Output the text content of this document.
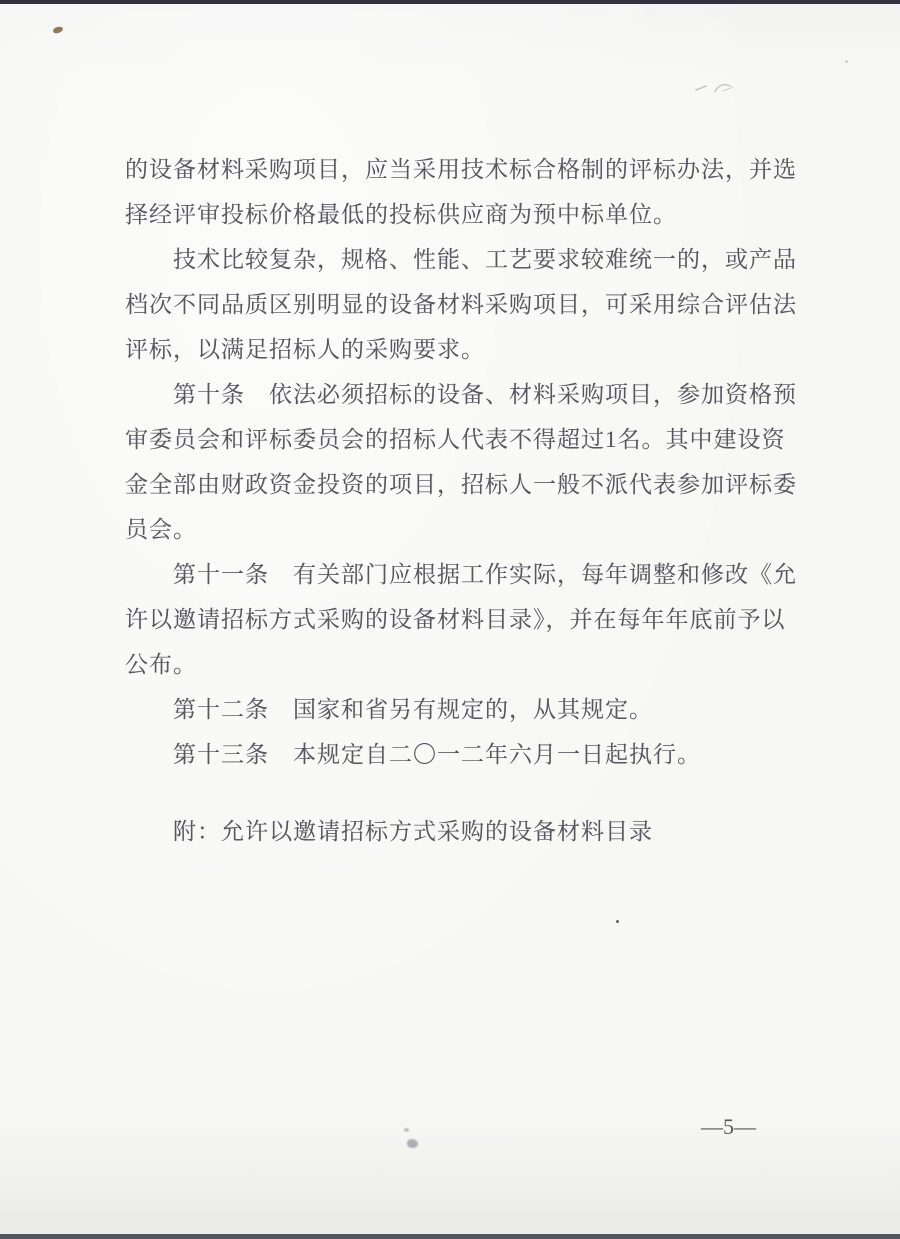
的设备材料采购项目，应当采用技术标合格制的评标办法，并选
择经评审投标价格最低的投标供应商为预中标单位。
技术比较复杂，规格、性能、工艺要求较难统一的，或产品
档次不同品质区别明显的设备材料采购项目，可采用综合评估法
评标，以满足招标人的采购要求。
第十条　依法必须招标的设备、材料采购项目，参加资格预
审委员会和评标委员会的招标人代表不得超过1名。其中建设资
金全部由财政资金投资的项目，招标人一般不派代表参加评标委
员会。
第十一条　有关部门应根据工作实际，每年调整和修改《允
许以邀请招标方式采购的设备材料目录》，并在每年年底前予以
公布。
第十二条　国家和省另有规定的，从其规定。
第十三条　本规定自二〇一二年六月一日起执行。
附：允许以邀请招标方式采购的设备材料目录
—5—
